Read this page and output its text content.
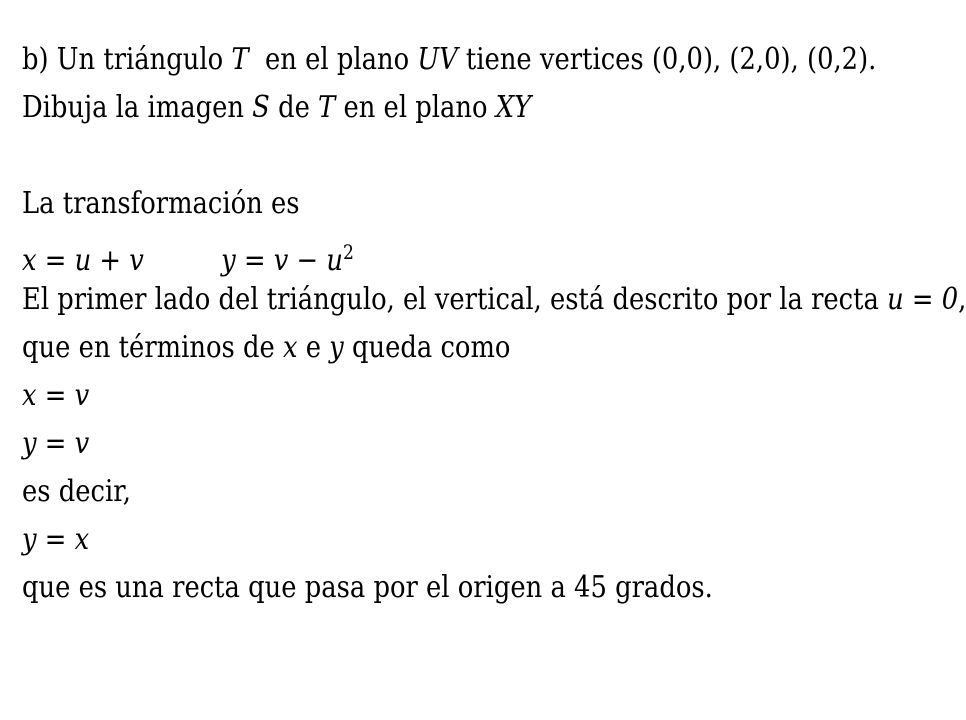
b) Un triángulo T  en el plano UV tiene vertices (0,0), (2,0), (0,2).
Dibuja la imagen S de T en el plano XY
La transformación es
x = u + v	$y = v - u^2$
El primer lado del triángulo, el vertical, está descrito por la recta u = 0,
que en términos de x e y queda como
x = v
y = v
es decir,
y = x
que es una recta que pasa por el origen a 45 grados.
